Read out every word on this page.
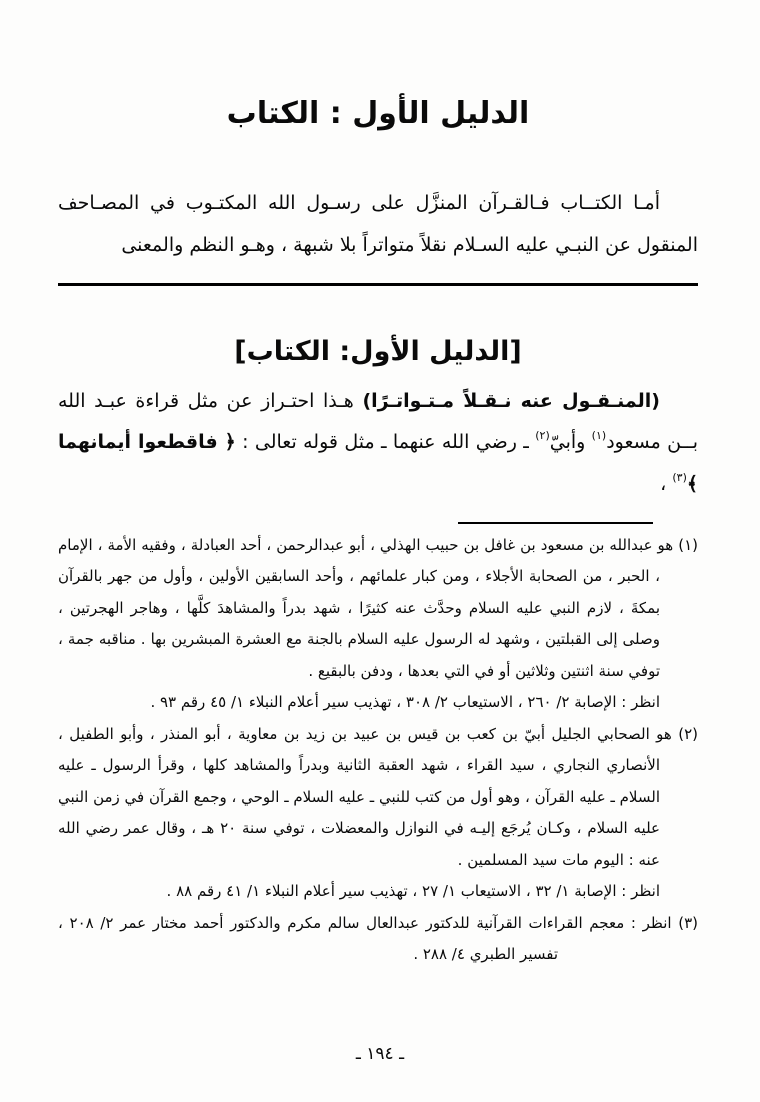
الدليل الأول : الكتاب

أمـا الكتــاب فـالقـرآن المنزَّل على رسـول الله المكتـوب في المصـاحف المنقول عن النبـي عليه السـلام نقلاً متواتراً بلا شبهة ، وهـو النظم والمعنى

[الدليل الأول: الكتاب]

(المنـقـول عنه نـقـلاً مـتـواتـرًا) هـذا احتـراز عن مثل قراءة عبـد الله بــن مسعود$^{(١)}$ وأبيّ$^{(٢)}$ ـ رضي الله عنهما ـ مثل قوله تعالى : ﴿ فاقطعوا أيمانهما ﴾$^{(٣)}$ ،

(١) هو عبدالله بن مسعود بن غافل بن حبيب الهذلي ، أبو عبدالرحمن ، أحد العبادلة ، وفقيه الأمة ، الإمام ، الحبر ، من الصحابة الأجلاء ، ومن كبار علمائهم ، وأحد السابقين الأولين ، وأول من جهر بالقرآن بمكةَ ، لازم النبي عليه السلام وحدَّث عنه كثيرًا ، شهد بدراً والمشاهدَ كلَّها ، وهاجر الهجرتين ، وصلى إلى القبلتين ، وشهد له الرسول عليه السلام بالجنة مع العشرة المبشرين بها . مناقبه جمة ، توفي سنة اثنتين وثلاثين أو في التي بعدها ، ودفن بالبقيع .

انظر : الإصابة ٢/ ٢٦٠ ، الاستيعاب ٢/ ٣٠٨ ، تهذيب سير أعلام النبلاء ١/ ٤٥ رقم ٩٣ .

(٢) هو الصحابي الجليل أبيّ بن كعب بن قيس بن عبيد بن زيد بن معاوية ، أبو المنذر ، وأبو الطفيل ، الأنصاري النجاري ، سيد القراء ، شهد العقبة الثانية وبدراً والمشاهد كلها ، وقرأ الرسول ـ عليه السلام ـ عليه القرآن ، وهو أول من كتب للنبي ـ عليه السلام ـ الوحي ، وجمع القرآن في زمن النبي عليه السلام ، وكـان يُرجَع إليـه في النوازل والمعضلات ، توفي سنة ٢٠ هـ ، وقال عمر رضي الله عنه : اليوم مات سيد المسلمين .

انظر : الإصابة ١/ ٣٢ ، الاستيعاب ١/ ٢٧ ، تهذيب سير أعلام النبلاء ١/ ٤١ رقم ٨٨ .

(٣) انظر : معجم القراءات القرآنية للدكتور عبدالعال سالم مكرم والدكتور أحمد مختار عمر ٢/ ٢٠٨ ، تفسير الطبري ٤/ ٢٨٨ .

ـ ١٩٤ ـ
